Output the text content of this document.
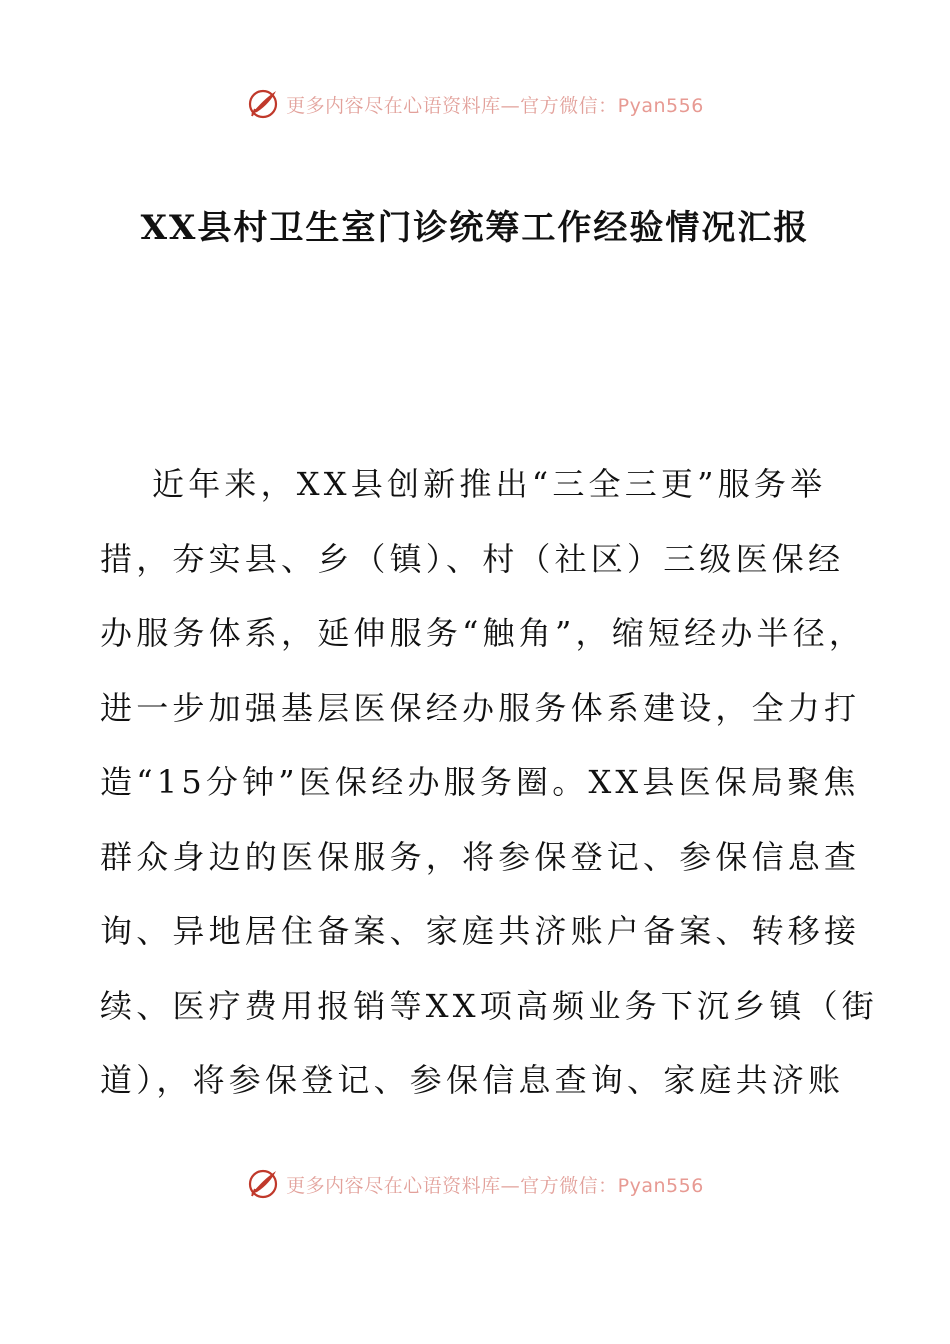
更多内容尽在心语资料库—官方微信：Pyan556
XX县村卫生室门诊统筹工作经验情况汇报
近年来，XX县创新推出“三全三更”服务举
措，夯实县、乡（镇）、村（社区）三级医保经
办服务体系，延伸服务“触角”，缩短经办半径，
进一步加强基层医保经办服务体系建设，全力打
造“15分钟”医保经办服务圈。XX县医保局聚焦
群众身边的医保服务，将参保登记、参保信息查
询、异地居住备案、家庭共济账户备案、转移接
续、医疗费用报销等XX项高频业务下沉乡镇（街
道），将参保登记、参保信息查询、家庭共济账
更多内容尽在心语资料库—官方微信：Pyan556
